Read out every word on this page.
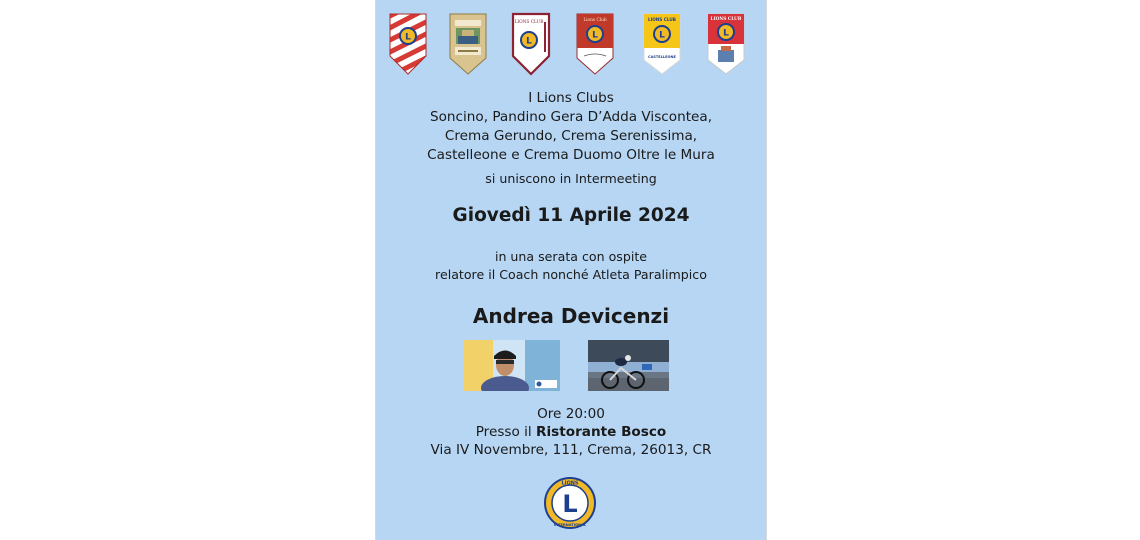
L
LIONS CLUB
L
Lions Club
L
LIONS CLUB
L
CASTELLEONE
LIONS CLUB
L
I Lions Clubs
Soncino, Pandino Gera D’Adda Viscontea,
Crema Gerundo, Crema Serenissima,
Castelleone e Crema Duomo Oltre le Mura
si uniscono in Intermeeting
Giovedì 11 Aprile 2024
in una serata con ospite
relatore il Coach nonché Atleta Paralimpico
Andrea Devicenzi
Ore 20:00
Presso il Ristorante Bosco
Via IV Novembre, 111, Crema, 26013, CR
L
LIONS
INTERNATIONAL
